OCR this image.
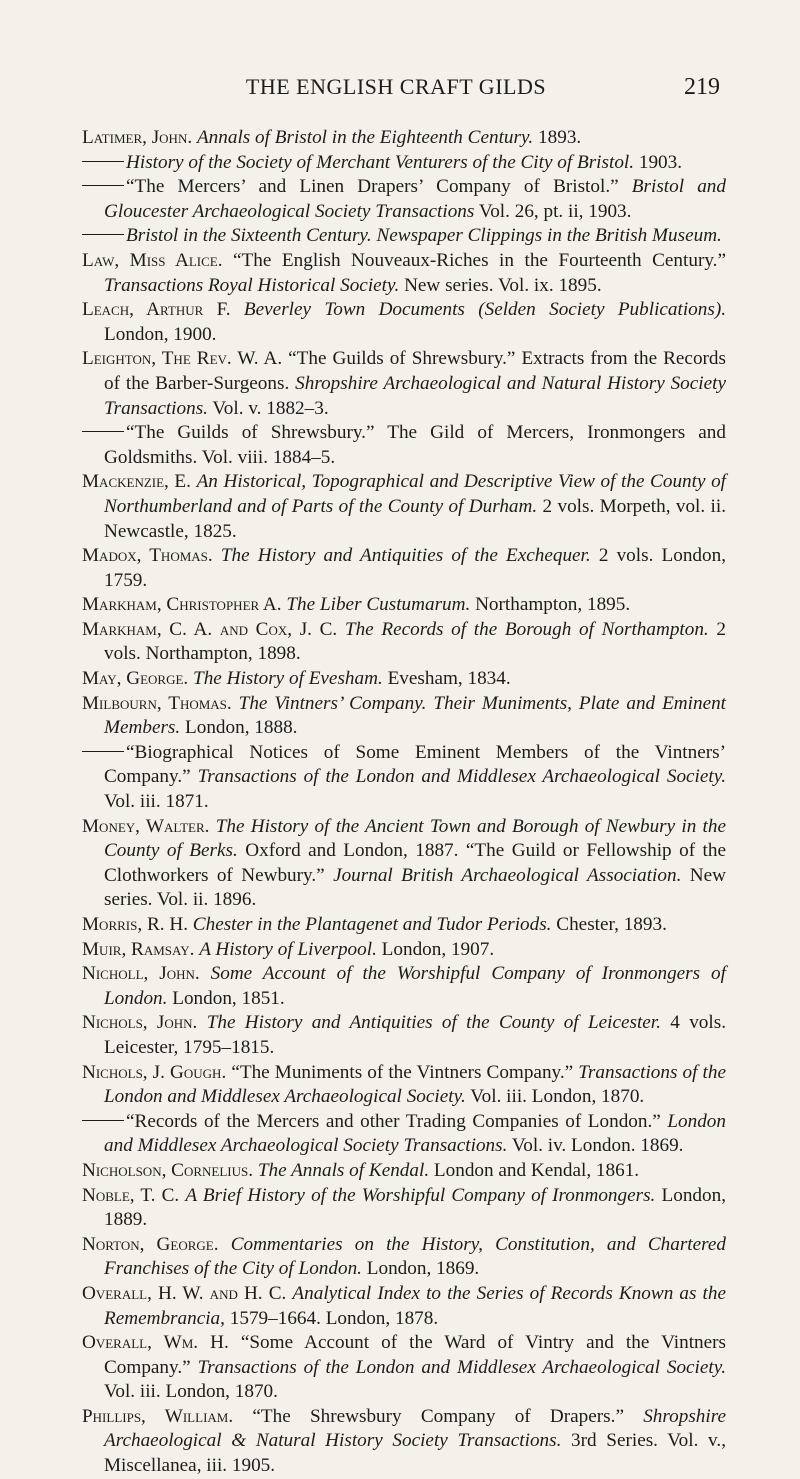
THE ENGLISH CRAFT GILDS	219

Latimer, John. Annals of Bristol in the Eighteenth Century. 1893.

History of the Society of Merchant Venturers of the City of Bristol. 1903.

“The Mercers’ and Linen Drapers’ Company of Bristol.” Bristol and Gloucester Archaeological Society Transactions Vol. 26, pt. ii, 1903.

Bristol in the Sixteenth Century. Newspaper Clippings in the British Museum.

Law, Miss Alice. “The English Nouveaux-Riches in the Fourteenth Century.” Transactions Royal Historical Society. New series. Vol. ix. 1895.

Leach, Arthur F. Beverley Town Documents (Selden Society Publications). London, 1900.

Leighton, The Rev. W. A. “The Guilds of Shrewsbury.” Extracts from the Records of the Barber-Surgeons. Shropshire Archaeological and Natural History Society Transactions. Vol. v. 1882–3.

“The Guilds of Shrewsbury.” The Gild of Mercers, Ironmongers and Goldsmiths. Vol. viii. 1884–5.

Mackenzie, E. An Historical, Topographical and Descriptive View of the County of Northumberland and of Parts of the County of Durham. 2 vols. Morpeth, vol. ii. Newcastle, 1825.

Madox, Thomas. The History and Antiquities of the Exchequer. 2 vols. London, 1759.

Markham, Christopher A. The Liber Custumarum. Northampton, 1895.

Markham, C. A. and Cox, J. C. The Records of the Borough of Northampton. 2 vols. Northampton, 1898.

May, George. The History of Evesham. Evesham, 1834.

Milbourn, Thomas. The Vintners’ Company. Their Muniments, Plate and Eminent Members. London, 1888.

“Biographical Notices of Some Eminent Members of the Vintners’ Company.” Transactions of the London and Middlesex Archaeological Society. Vol. iii. 1871.

Money, Walter. The History of the Ancient Town and Borough of Newbury in the County of Berks. Oxford and London, 1887. “The Guild or Fellowship of the Clothworkers of Newbury.” Journal British Archaeological Association. New series. Vol. ii. 1896.

Morris, R. H. Chester in the Plantagenet and Tudor Periods. Chester, 1893.

Muir, Ramsay. A History of Liverpool. London, 1907.

Nicholl, John. Some Account of the Worshipful Company of Ironmongers of London. London, 1851.

Nichols, John. The History and Antiquities of the County of Leicester. 4 vols. Leicester, 1795–1815.

Nichols, J. Gough. “The Muniments of the Vintners Company.” Transactions of the London and Middlesex Archaeological Society. Vol. iii. London, 1870.

“Records of the Mercers and other Trading Companies of London.” London and Middlesex Archaeological Society Transactions. Vol. iv. London. 1869.

Nicholson, Cornelius. The Annals of Kendal. London and Kendal, 1861.

Noble, T. C. A Brief History of the Worshipful Company of Ironmongers. London, 1889.

Norton, George. Commentaries on the History, Constitution, and Chartered Franchises of the City of London. London, 1869.

Overall, H. W. and H. C. Analytical Index to the Series of Records Known as the Remembrancia, 1579–1664. London, 1878.

Overall, Wm. H. “Some Account of the Ward of Vintry and the Vintners Company.” Transactions of the London and Middlesex Archaeological Society. Vol. iii. London, 1870.

Phillips, William. “The Shrewsbury Company of Drapers.” Shropshire Archaeological & Natural History Society Transactions. 3rd Series. Vol. v., Miscellanea, iii. 1905.
